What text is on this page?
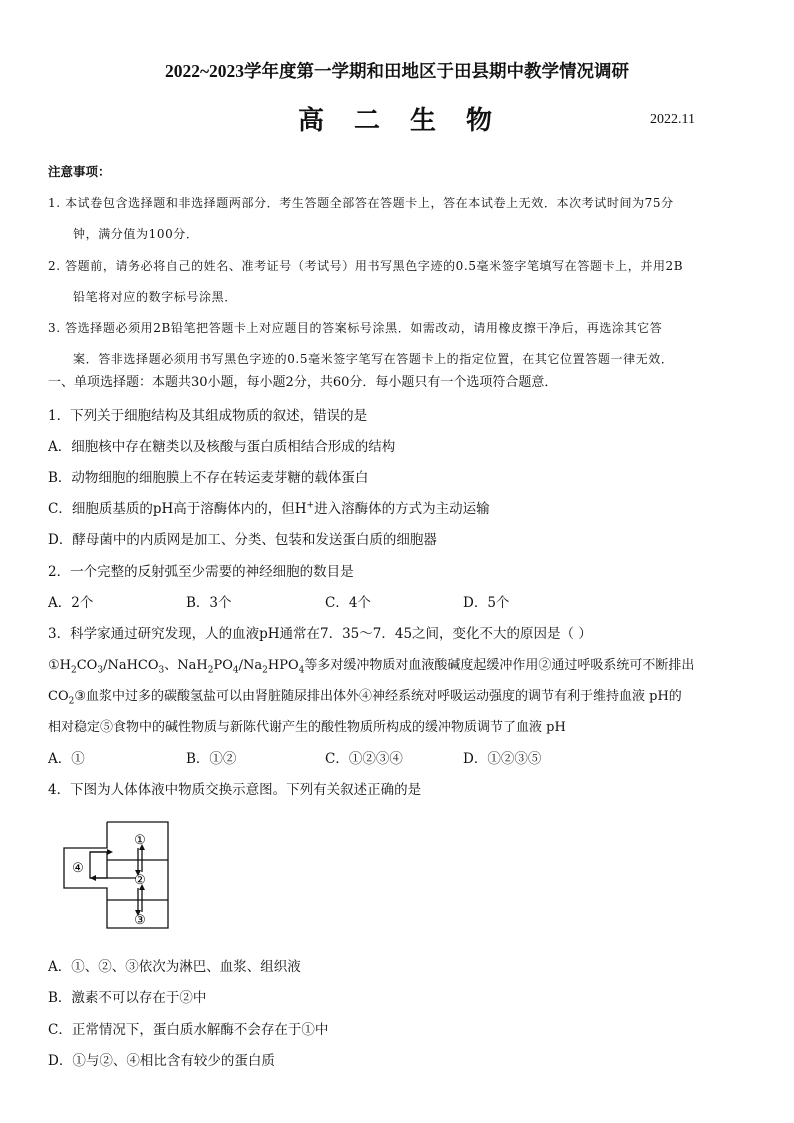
2022~2023学年度第一学期和田地区于田县期中教学情况调研
高二生物	2022.11
注意事项：
1. 本试卷包含选择题和非选择题两部分．考生答题全部答在答题卡上，答在本试卷上无效．本次考试时间为75分
钟，满分值为100分．
2. 答题前，请务必将自己的姓名、准考证号（考试号）用书写黑色字迹的0.5毫米签字笔填写在答题卡上，并用2B
铅笔将对应的数字标号涂黑．
3. 答选择题必须用2B铅笔把答题卡上对应题目的答案标号涂黑．如需改动，请用橡皮擦干净后，再选涂其它答
案．答非选择题必须用书写黑色字迹的0.5毫米签字笔写在答题卡上的指定位置，在其它位置答题一律无效．
一、单项选择题：本题共30小题，每小题2分，共60分．每小题只有一个选项符合题意．
1．下列关于细胞结构及其组成物质的叙述，错误的是
A．细胞核中存在糖类以及核酸与蛋白质相结合形成的结构
B．动物细胞的细胞膜上不存在转运麦芽糖的载体蛋白
C．细胞质基质的pH高于溶酶体内的，但H+进入溶酶体的方式为主动运输
D．酵母菌中的内质网是加工、分类、包装和发送蛋白质的细胞器
2．一个完整的反射弧至少需要的神经细胞的数目是
A．2个	B．3个	C．4个	D．5个
3．科学家通过研究发现，人的血液pH通常在7．35～7．45之间，变化不大的原因是（ ）
$①H_2CO_3/NaHCO_3$、$NaH_2PO_4/Na_2HPO_4$等多对缓冲物质对血液酸碱度起缓冲作用②通过呼吸系统可不断排出
$CO_2③$血浆中过多的碳酸氢盐可以由肾脏随尿排出体外④神经系统对呼吸运动强度的调节有利于维持血液 pH的
相对稳定⑤食物中的碱性物质与新陈代谢产生的酸性物质所构成的缓冲物质调节了血液 pH
A．①	B．①②	C．①②③④	D．①②③⑤
4．下图为人体体液中物质交换示意图。下列有关叙述正确的是
①
②
③
④
A．①、②、③依次为淋巴、血浆、组织液
B．激素不可以存在于②中
C．正常情况下，蛋白质水解酶不会存在于①中
D．①与②、④相比含有较少的蛋白质
